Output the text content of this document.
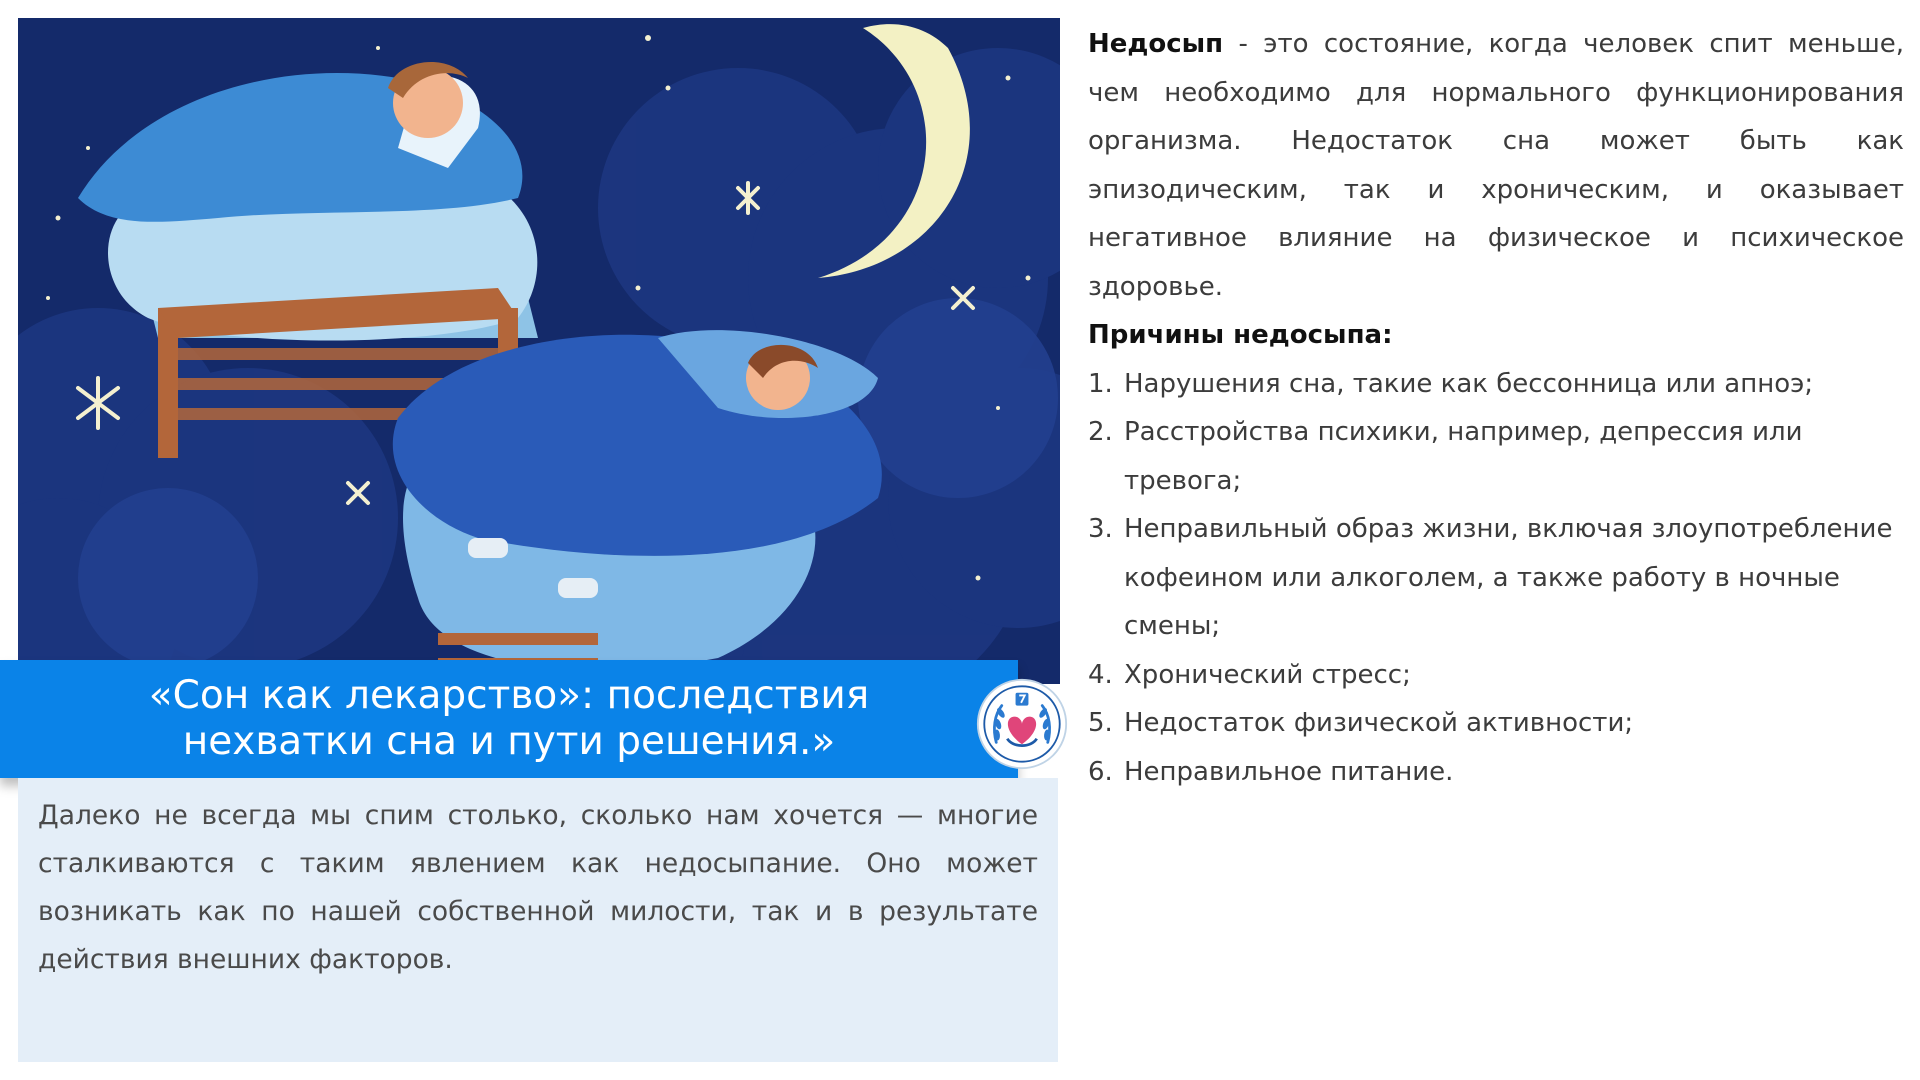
«Сон как лекарство»: последствия
нехватки сна и пути решения.»

Далеко не всегда мы спим столько, сколько нам хочется — многие сталкиваются с таким явлением как недосыпание. Оно может возникать как по нашей собственной милости, так и в результате действия внешних факторов.

Недосып - это состояние, когда человек спит меньше, чем необходимо для нормального функционирования организма. Недостаток сна может быть как эпизодическим, так и хроническим, и оказывает негативное влияние на физическое и психическое здоровье.

Причины недосыпа:

1. Нарушения сна, такие как бессонница или апноэ;
2. Расстройства психики, например, депрессия или тревога;
3. Неправильный образ жизни, включая злоупотребление кофеином или алкоголем, а также работу в ночные смены;
4. Хронический стресс;
5. Недостаток физической активности;
6. Неправильное питание.
